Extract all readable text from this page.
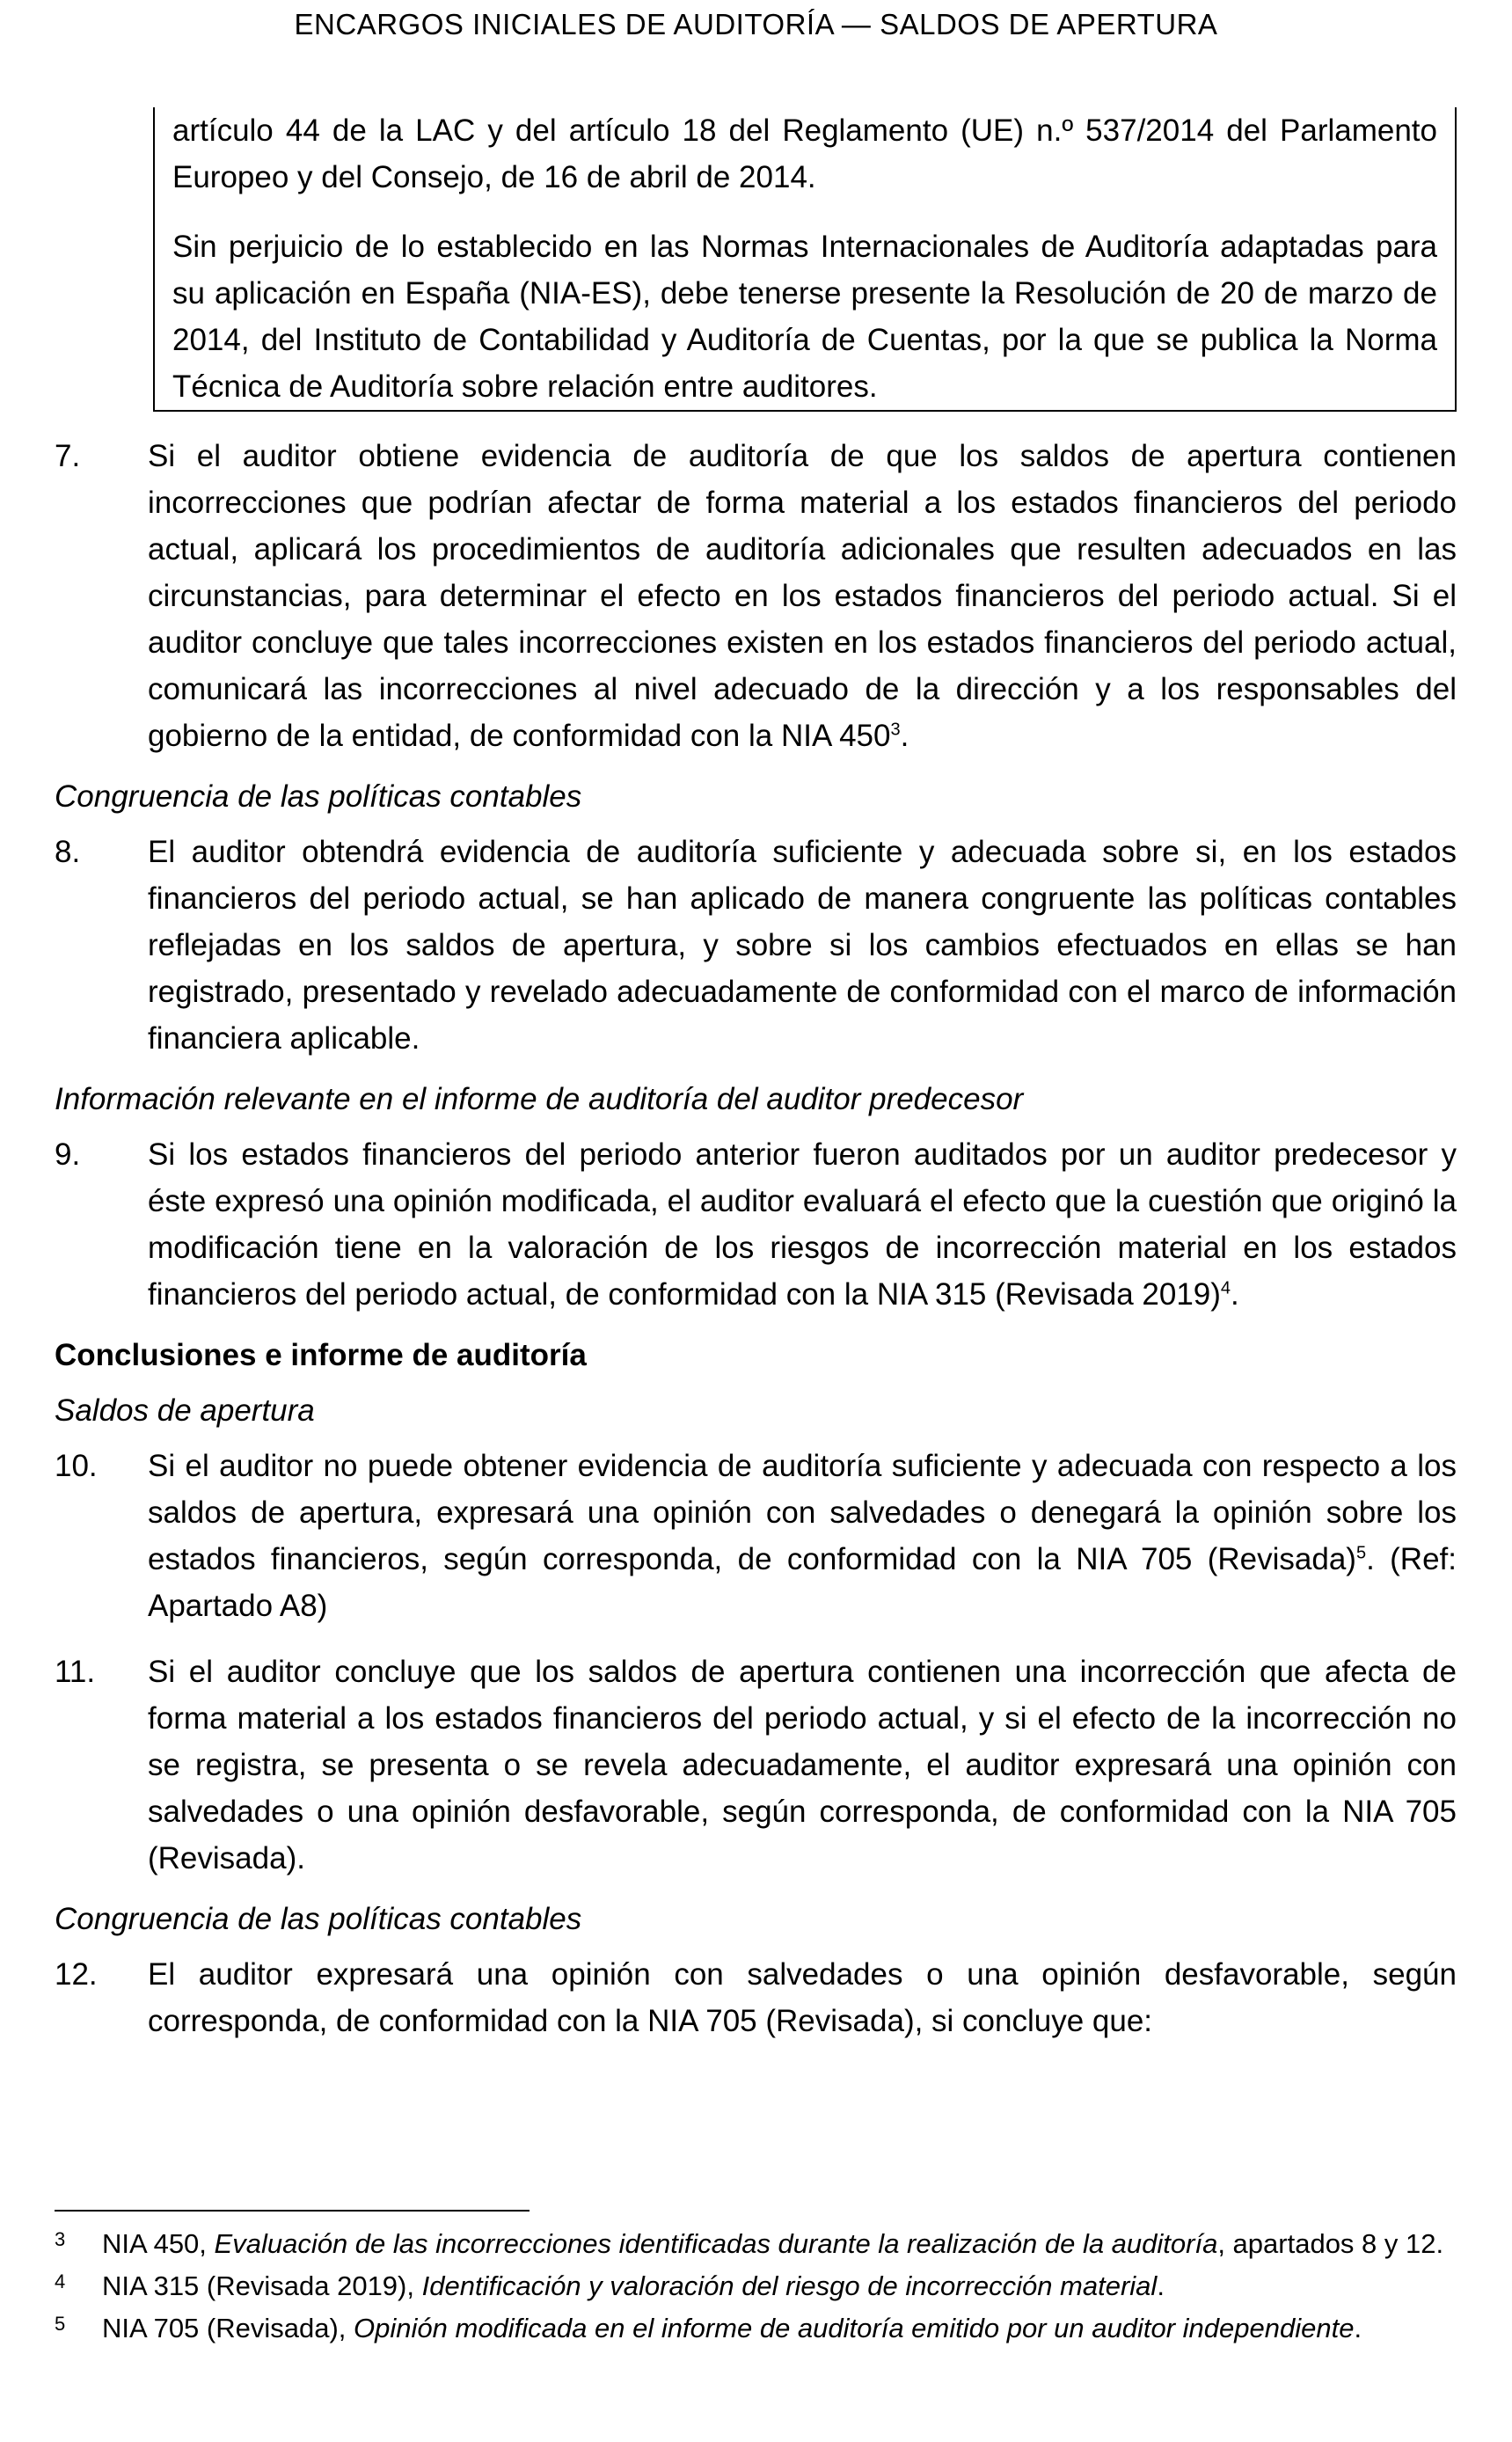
ENCARGOS INICIALES DE AUDITORÍA — SALDOS DE APERTURA

artículo 44 de la LAC y del artículo 18 del Reglamento (UE) n.º 537/2014 del Parlamento Europeo y del Consejo, de 16 de abril de 2014.

Sin perjuicio de lo establecido en las Normas Internacionales de Auditoría adaptadas para su aplicación en España (NIA-ES), debe tenerse presente la Resolución de 20 de marzo de 2014, del Instituto de Contabilidad y Auditoría de Cuentas, por la que se publica la Norma Técnica de Auditoría sobre relación entre auditores.

7.	Si el auditor obtiene evidencia de auditoría de que los saldos de apertura contienen incorrecciones que podrían afectar de forma material a los estados financieros del periodo actual, aplicará los procedimientos de auditoría adicionales que resulten adecuados en las circunstancias, para determinar el efecto en los estados financieros del periodo actual. Si el auditor concluye que tales incorrecciones existen en los estados financieros del periodo actual, comunicará las incorrecciones al nivel adecuado de la dirección y a los responsables del gobierno de la entidad, de conformidad con la NIA $450^3$.
Congruencia de las políticas contables
8.	El auditor obtendrá evidencia de auditoría suficiente y adecuada sobre si, en los estados financieros del periodo actual, se han aplicado de manera congruente las políticas contables reflejadas en los saldos de apertura, y sobre si los cambios efectuados en ellas se han registrado, presentado y revelado adecuadamente de conformidad con el marco de información financiera aplicable.
Información relevante en el informe de auditoría del auditor predecesor
9.	Si los estados financieros del periodo anterior fueron auditados por un auditor predecesor y éste expresó una opinión modificada, el auditor evaluará el efecto que la cuestión que originó la modificación tiene en la valoración de los riesgos de incorrección material en los estados financieros del periodo actual, de conformidad con la NIA 315 (Revisada 2019)$^4$.
Conclusiones e informe de auditoría
Saldos de apertura
10.	Si el auditor no puede obtener evidencia de auditoría suficiente y adecuada con respecto a los saldos de apertura, expresará una opinión con salvedades o denegará la opinión sobre los estados financieros, según corresponda, de conformidad con la NIA 705 (Revisada)$^5$. (Ref: Apartado A8)
11.	Si el auditor concluye que los saldos de apertura contienen una incorrección que afecta de forma material a los estados financieros del periodo actual, y si el efecto de la incorrección no se registra, se presenta o se revela adecuadamente, el auditor expresará una opinión con salvedades o una opinión desfavorable, según corresponda, de conformidad con la NIA 705 (Revisada).
Congruencia de las políticas contables
12.	El auditor expresará una opinión con salvedades o una opinión desfavorable, según corresponda, de conformidad con la NIA 705 (Revisada), si concluye que:
3	NIA 450, Evaluación de las incorrecciones identificadas durante la realización de la auditoría, apartados 8 y 12.
4	NIA 315 (Revisada 2019), Identificación y valoración del riesgo de incorrección material.
5	NIA 705 (Revisada), Opinión modificada en el informe de auditoría emitido por un auditor independiente.
